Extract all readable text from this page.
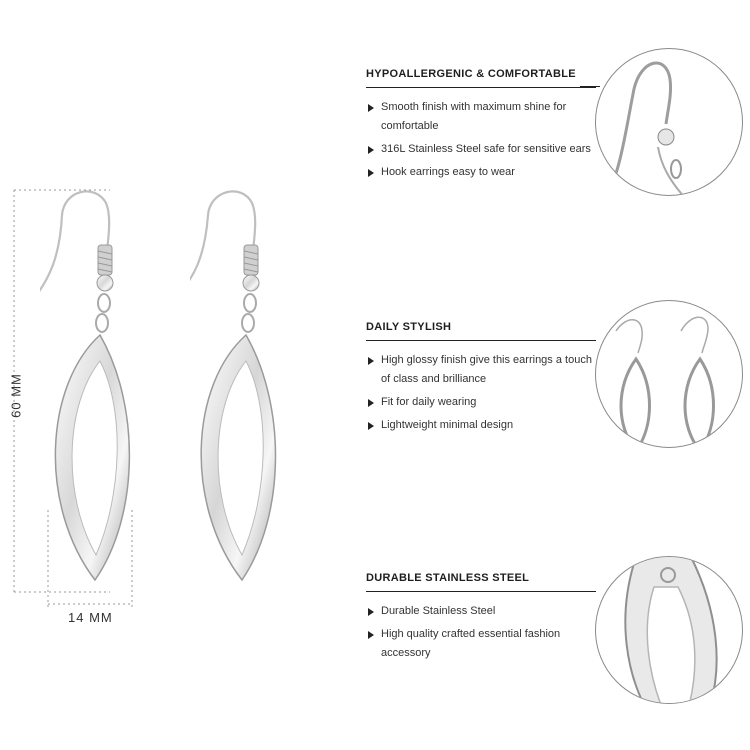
60 MM
14 MM
HYPOALLERGENIC & COMFORTABLE
Smooth finish with maximum shine for comfortable
316L Stainless Steel safe for sensitive ears
Hook earrings easy to wear
DAILY STYLISH
High glossy finish give this earrings a touch of class and brilliance
Fit for daily wearing
Lightweight minimal design
DURABLE STAINLESS STEEL
Durable Stainless Steel
High quality crafted essential fashion accessory
